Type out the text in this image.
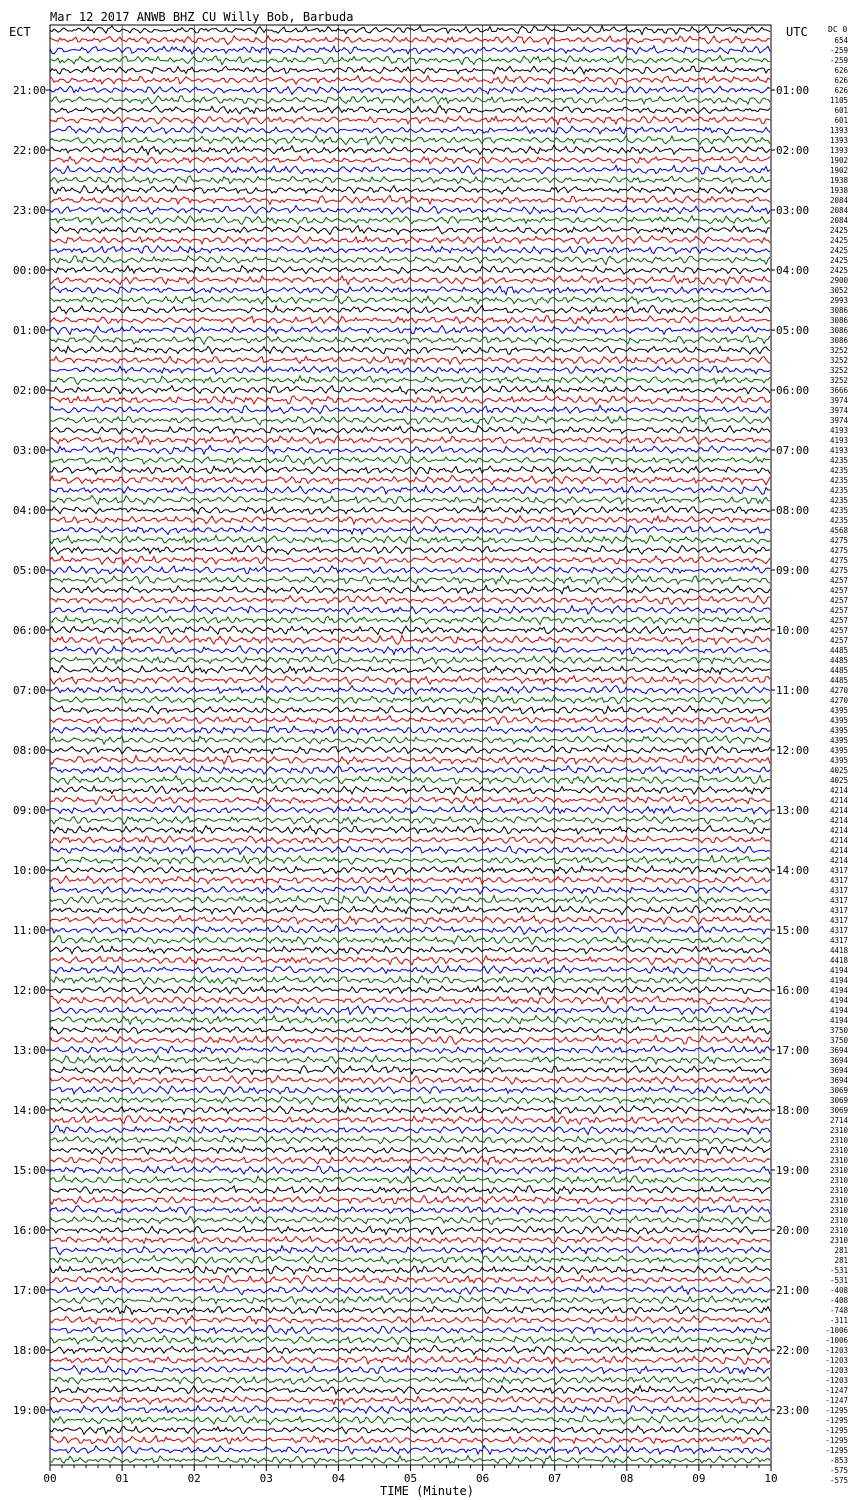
Mar 12 2017 ANWB BHZ CU Willy Bob, Barbuda
ECT	UTC	DC 0
21:00
22:00
23:00
00:00
01:00
02:00
03:00
04:00
05:00
06:00
07:00
08:00
09:00
10:00
11:00
12:00
13:00
14:00
15:00
16:00
17:00
18:00
19:00
01:00
02:00
03:00
04:00
05:00
06:00
07:00
08:00
09:00
10:00
11:00
12:00
13:00
14:00
15:00
16:00
17:00
18:00
19:00
20:00
21:00
22:00
23:00
654
-259
-259
626
626
626
1105
601
601
1393
1393
1393
1902
1902
1938
1938
2084
2084
2084
2425
2425
2425
2425
2425
2900
3052
2993
3086
3086
3086
3086
3252
3252
3252
3252
3666
3974
3974
3974
4193
4193
4193
4235
4235
4235
4235
4235
4235
4235
4568
4275
4275
4275
4275
4257
4257
4257
4257
4257
4257
4257
4485
4485
4485
4485
4270
4270
4395
4395
4395
4395
4395
4395
4025
4025
4214
4214
4214
4214
4214
4214
4214
4214
4317
4317
4317
4317
4317
4317
4317
4317
4418
4418
4194
4194
4194
4194
4194
4194
3750
3750
3694
3694
3694
3694
3069
3069
3069
2714
2310
2310
2310
2310
2310
2310
2310
2310
2310
2310
2310
2310
281
281
-531
-531
-408
-408
-748
-311
-1006
-1006
-1203
-1203
-1203
-1203
-1247
-1247
-1295
-1295
-1295
-1295
-1295
-853
-575
-575
00	01	02	03	04	05	06	07	08	09	10
TIME (Minute)
